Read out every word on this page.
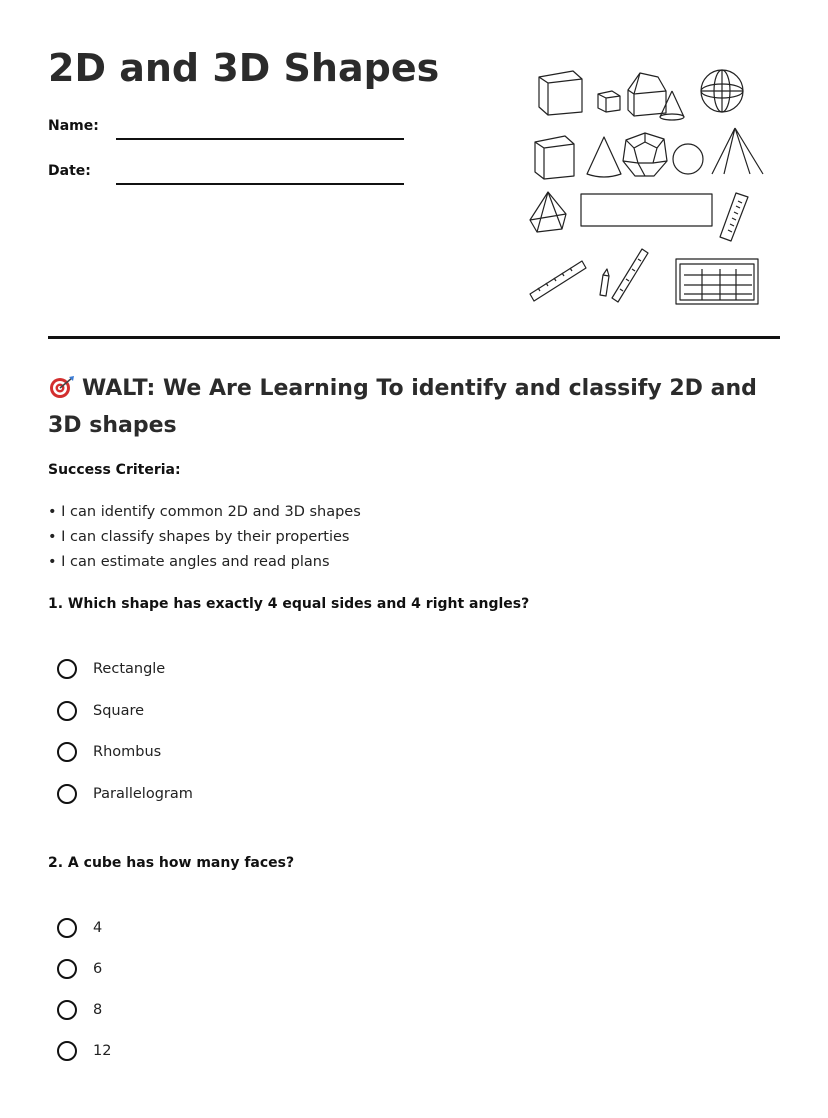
2D and 3D Shapes
Name:
Date:
WALT: We Are Learning To identify and classify 2D and 3D shapes
Success Criteria:
• I can identify common 2D and 3D shapes
• I can classify shapes by their properties
• I can estimate angles and read plans
1. Which shape has exactly 4 equal sides and 4 right angles?
Rectangle
Square
Rhombus
Parallelogram
2. A cube has how many faces?
4
6
8
12
